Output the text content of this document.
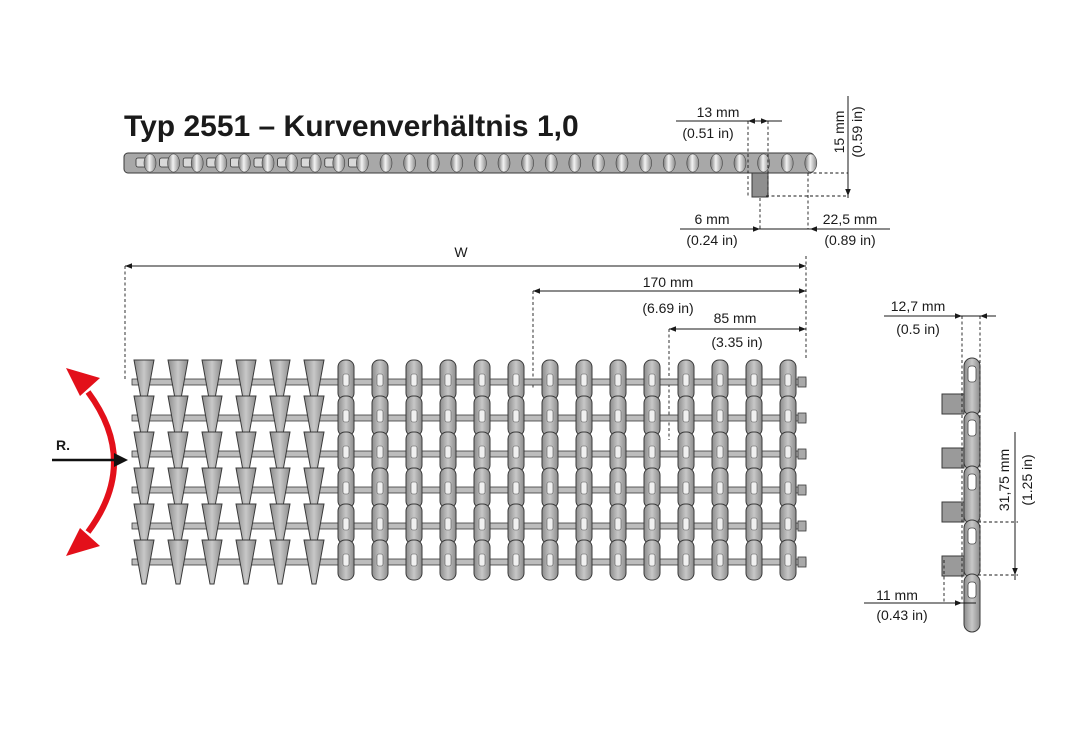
Typ 2551 – Kurvenverhältnis 1,0	13 mm
(0.51 in)	15 mm (0.59 in)
6 mm
(0.24 in)
22,5 mm
(0.89 in)
W
170 mm
(6.69 in)
85 mm
(3.35 in)
R.
12,7 mm
(0.5 in)
31,75 mm (1.25 in)
11 mm
(0.43 in)
